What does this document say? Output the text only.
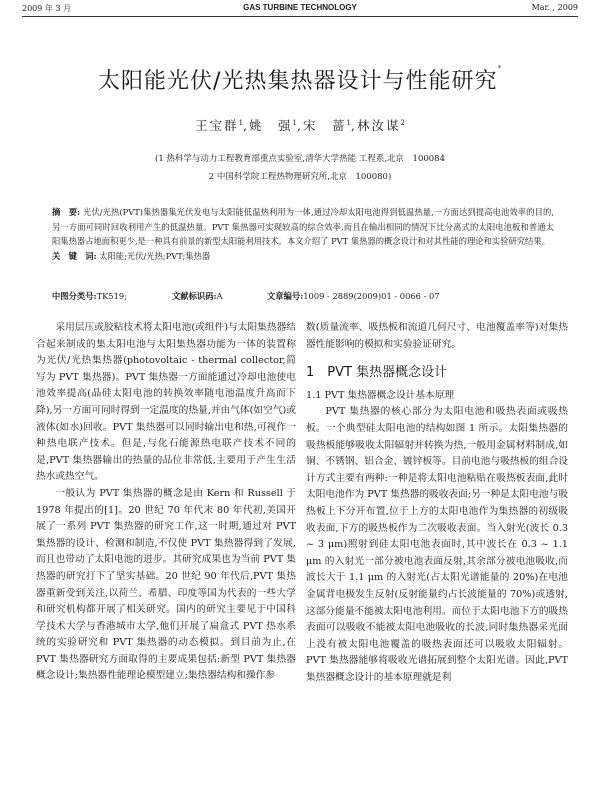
2009 年 3 月	GAS TURBINE TECHNOLOGY	Mar. , 2009
太阳能光伏/光热集热器设计与性能研究*
王宝群$^1$,姚　强$^1$,宋　蔷$^1$,林汝谋$^2$
(1 热科学与动力工程教育部重点实验室,清华大学热能 工程系,北京　100084
2 中国科学院工程热物理研究所,北京　100080)
摘　要: 光伏/光热(PVT)集热器集光伏发电与太阳能低温热利用为一体,通过冷却太阳电池得到低温热量,一方面达到提高电池效率的目的,另一方面可同时回收利用产生的低温热量。PVT 集热器可实现较高的综合效率,而且在输出相同的情况下比分离式的太阳电池板和普通太阳集热器占地面积更少,是一种具有前景的新型太阳能利用技术。本文介绍了 PVT 集热器的概念设计和对其性能的理论和实验研究结果。
关　键　词: 太阳能;光伏/光热;PVT;集热器
中图分类号:TK519;	文献标识码:A	文章编号:1009 - 2889(2009)01 - 0066 - 07

采用层压或胶粘技术将太阳电池(或组件)与太阳集热器结合起来制成的集太阳电池与太阳集热器功能为一体的装置称为光伏/光热集热器(photovoltaic - thermal collector,简写为 PVT 集热器)。PVT 集热器一方面能通过冷却电池使电池效率提高(晶硅太阳电池的转换效率随电池温度升高而下降),另一方面可同时得到一定温度的热量,并由气体(如空气)或液体(如水)回收。PVT 集热器可以同时输出电和热,可视作一种热电联产技术。但是,与化石能源热电联产技术不同的是,PVT 集热器输出的热量的品位非常低,主要用于产生生活热水或热空气。

一般认为 PVT 集热器的概念是由 Kern 和 Russell 于 1978 年提出的[1]。20 世纪 70 年代末 80 年代初,美国开展了一系列 PVT 集热器的研究工作,这一时期,通过对 PVT 集热器的设计、检测和制造,不仅使 PVT 集热器得到了发展,而且也带动了太阳电池的进步。其研究成果也为当前 PVT 集热器的研究打下了坚实基础。20 世纪 90 年代后,PVT 集热器重新受到关注,以荷兰、希腊、印度等国为代表的一些大学和研究机构都开展了相关研究。国内的研究主要见于中国科学技术大学与香港城市大学,他们开展了扁盒式 PVT 热水系统的实验研究和 PVT 集热器的动态模拟。到目前为止,在 PVT 集热器研究方面取得的主要成果包括:新型 PVT 集热器概念设计;集热器性能理论模型建立;集热器结构和操作参

数(质量流率、吸热板和流道几何尺寸、电池覆盖率等)对集热器性能影响的模拟和实验验证研究。

1　PVT 集热器概念设计
1.1 PVT 集热器概念设计基本原理

PVT 集热器的核心部分为太阳电池和吸热表面或吸热板。一个典型硅太阳电池的结构如图 1 所示。太阳集热器的吸热板能够吸收太阳辐射并转换为热,一般用金属材料制成,如铜、不锈钢、铝合金、镀锌板等。目前电池与吸热板的组合设计方式主要有两种:一种是将太阳电池粘贴在吸热板表面,此时太阳电池作为 PVT 集热器的吸收表面;另一种是太阳电池与吸热板上下分开布置,位于上方的太阳电池作为集热器的初级吸收表面,下方的吸热板作为二次吸收表面。当入射光(波长 0.3 ~ 3 μm)照射到硅太阳电池表面时,其中波长在 0.3 ~ 1.1 μm 的入射光一部分被电池表面反射,其余部分被电池吸收,而波长大于 1.1 μm 的入射光(占太阳光谱能量的 20%)在电池金属背电极发生反射(反射能量约占长波能量的 70%)或透射,这部分能量不能被太阳电池利用。而位于太阳电池下方的吸热表面可以吸收不能被太阳电池吸收的长波,同时集热器采光面上没有被太阳电池覆盖的吸热表面还可以吸收太阳辐射。PVT 集热器能够将吸收光谱拓展到整个太阳光谱。因此,PVT 集热器概念设计的基本原理就是利
